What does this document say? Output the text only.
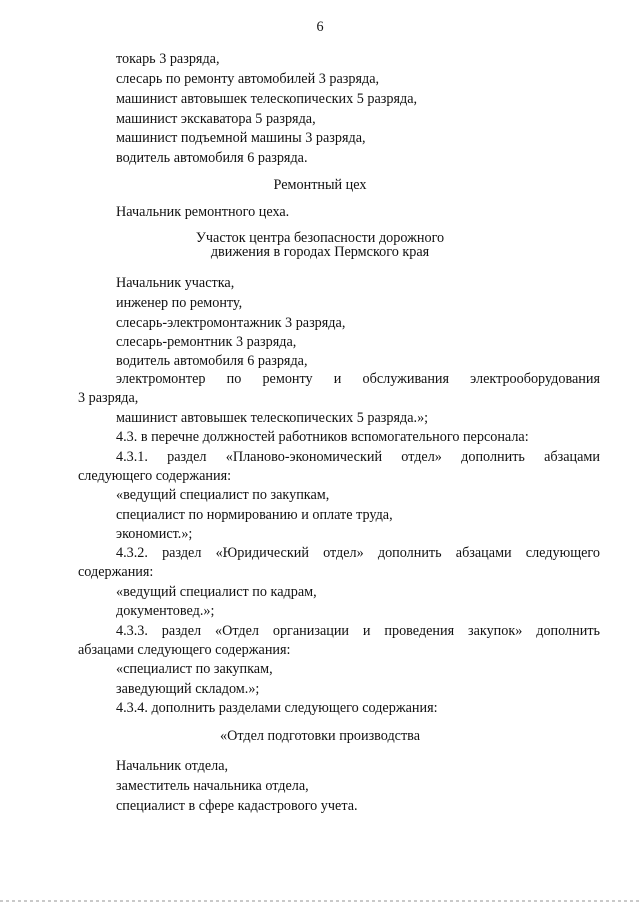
6
токарь 3 разряда,
слесарь по ремонту автомобилей 3 разряда,
машинист автовышек телескопических 5 разряда,
машинист экскаватора 5 разряда,
машинист подъемной машины 3 разряда,
водитель автомобиля 6 разряда.
Ремонтный цех
Начальник ремонтного цеха.
Участок центра безопасности дорожного
движения в городах Пермского края
Начальник участка,
инженер по ремонту,
слесарь-электромонтажник 3 разряда,
слесарь-ремонтник 3 разряда,
водитель автомобиля 6 разряда,
электромонтер по ремонту и обслуживания электрооборудования
3 разряда,
машинист автовышек телескопических 5 разряда.»;
4.3. в перечне должностей работников вспомогательного персонала:
4.3.1. раздел «Планово-экономический отдел» дополнить абзацами
следующего содержания:
«ведущий специалист по закупкам,
специалист по нормированию и оплате труда,
экономист.»;
4.3.2. раздел «Юридический отдел» дополнить абзацами следующего
содержания:
«ведущий специалист по кадрам,
документовед.»;
4.3.3. раздел «Отдел организации и проведения закупок» дополнить
абзацами следующего содержания:
«специалист по закупкам,
заведующий складом.»;
4.3.4. дополнить разделами следующего содержания:
«Отдел подготовки производства
Начальник отдела,
заместитель начальника отдела,
специалист в сфере кадастрового учета.
